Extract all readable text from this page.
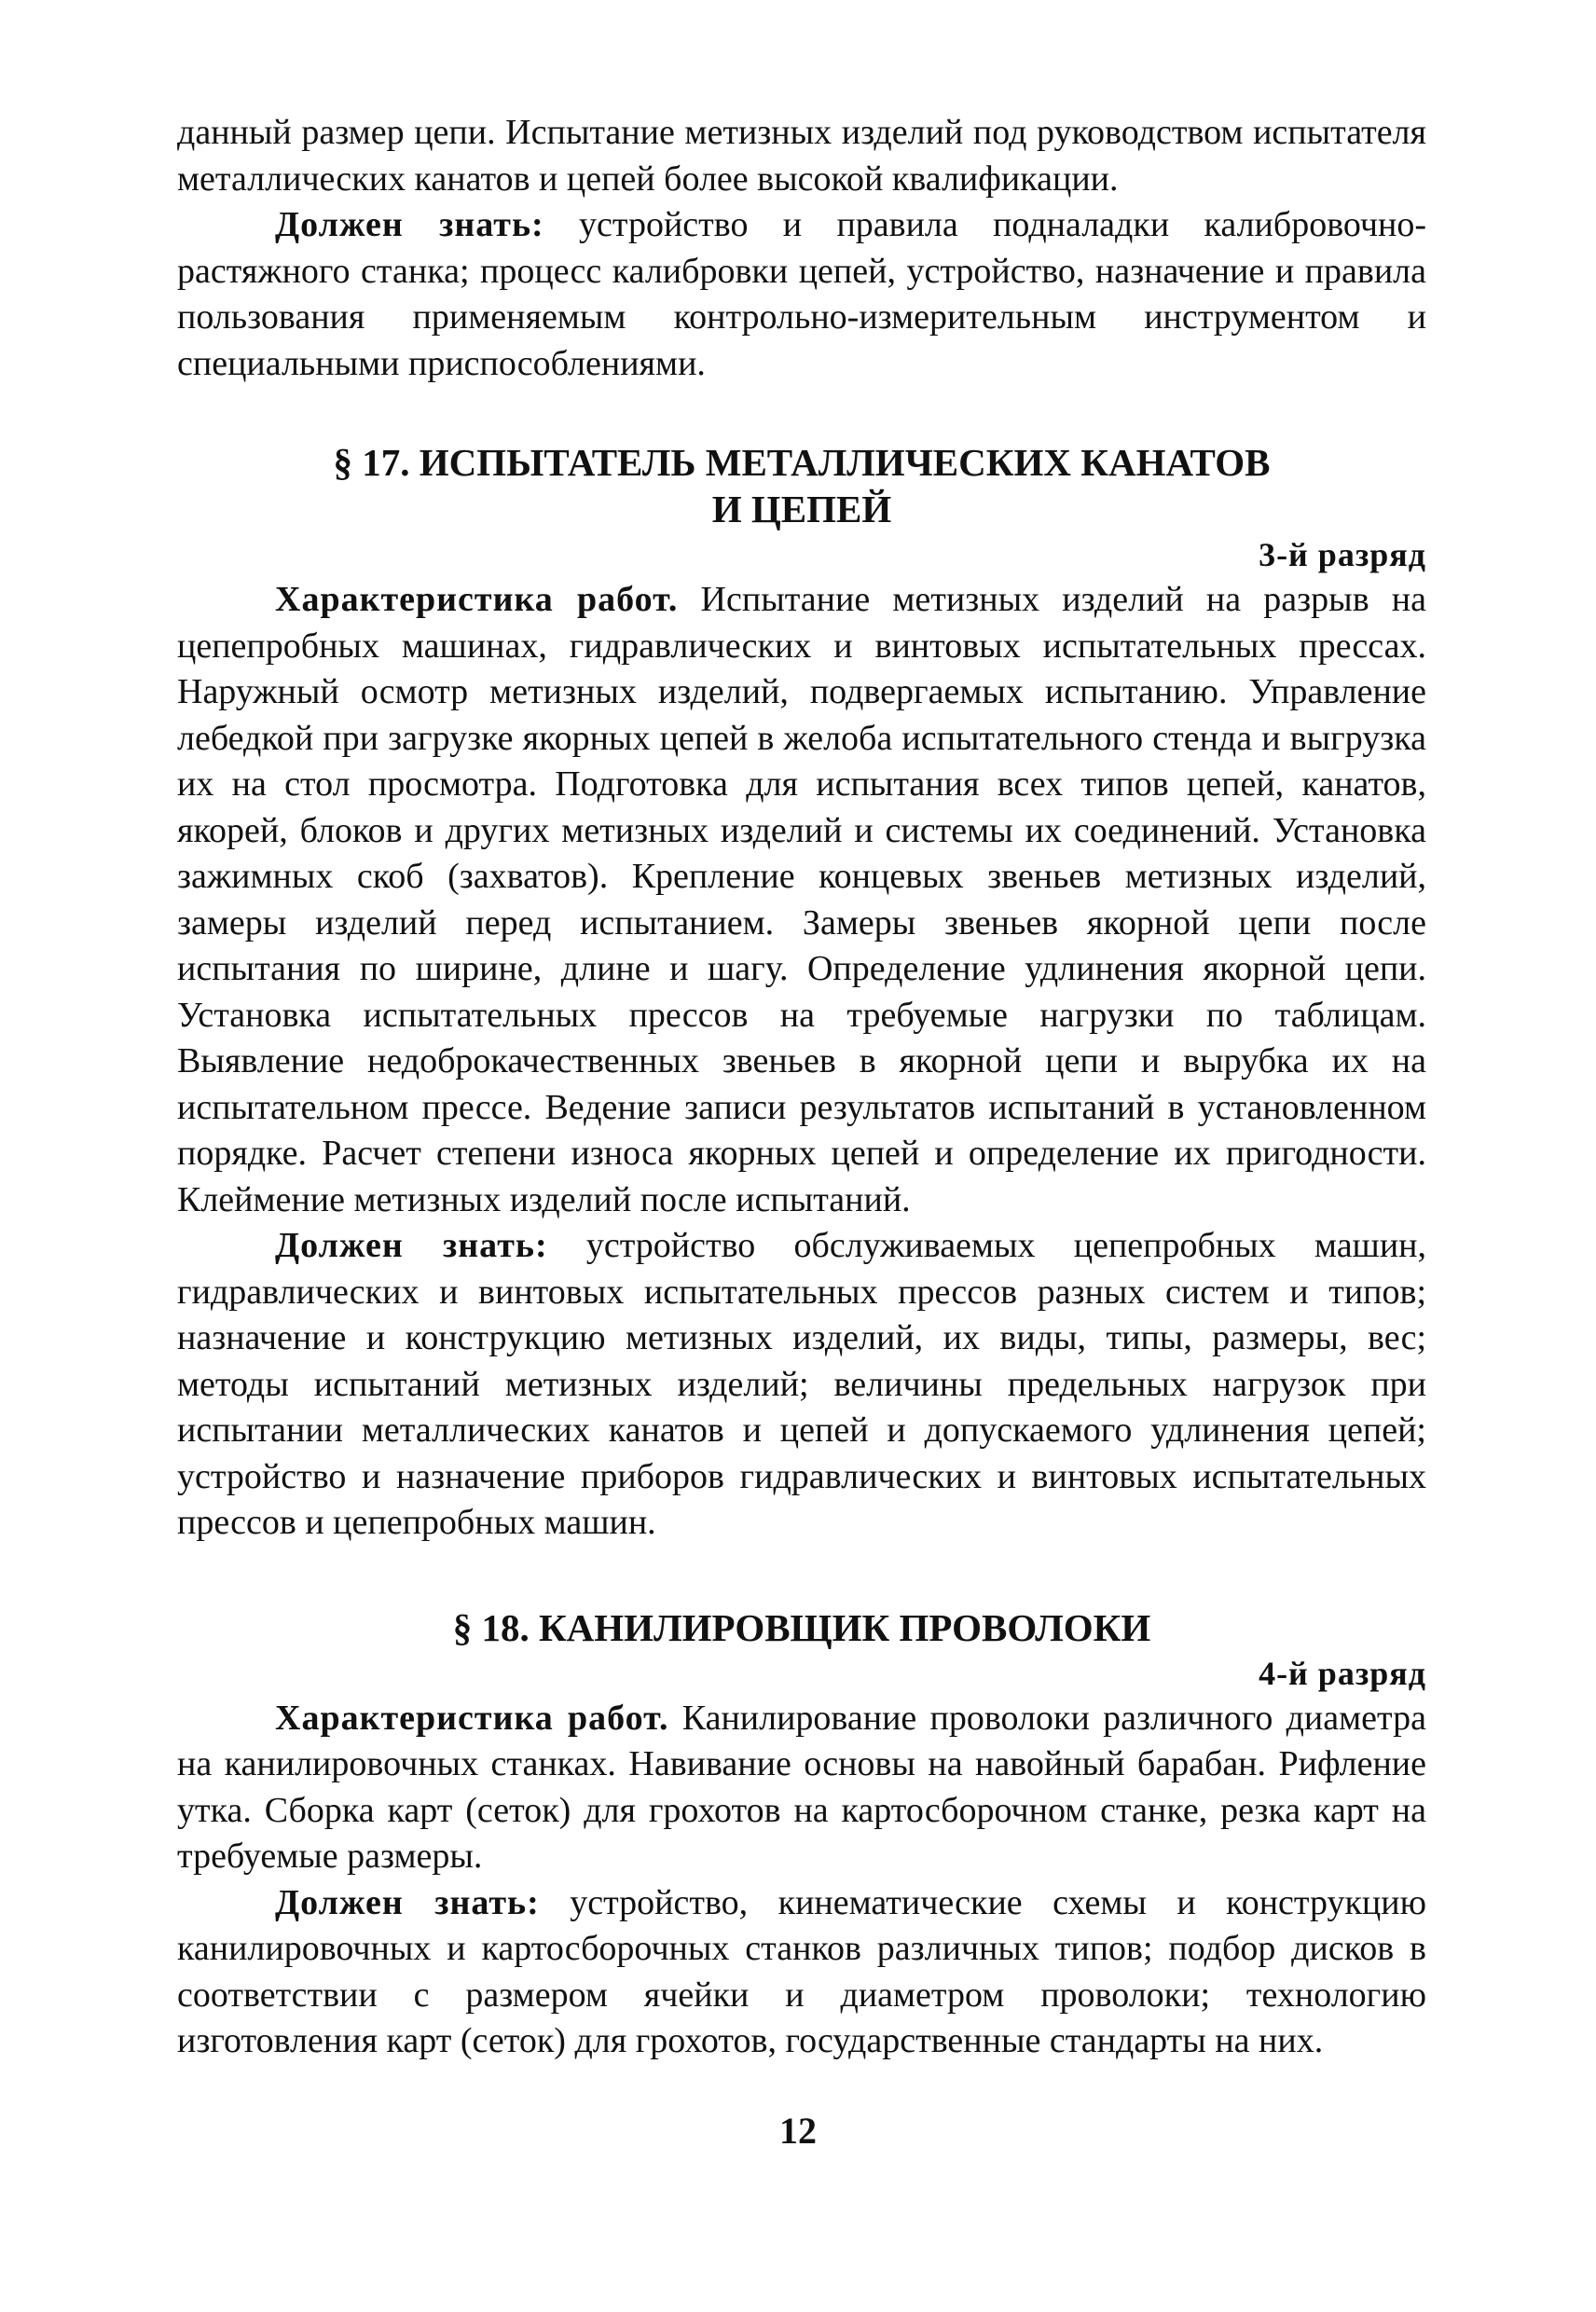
данный размер цепи. Испытание метизных изделий под руководством испытателя металлических канатов и цепей более высокой квалификации.

Должен знать: устройство и правила подналадки калибровочно-растяжного станка; процесс калибровки цепей, устройство, назначение и правила пользования применяемым контрольно-измерительным инструментом и специальными приспособлениями.

§ 17. ИСПЫТАТЕЛЬ МЕТАЛЛИЧЕСКИХ КАНАТОВ
И ЦЕПЕЙ
3-й разряд

Характеристика работ. Испытание метизных изделий на разрыв на цепепробных машинах, гидравлических и винтовых испытательных прессах. Наружный осмотр метизных изделий, подвергаемых испытанию. Управление лебедкой при загрузке якорных цепей в желоба испытательного стенда и выгрузка их на стол просмотра. Подготовка для испытания всех типов цепей, канатов, якорей, блоков и других метизных изделий и системы их соединений. Установка зажимных скоб (захватов). Крепление концевых звеньев метизных изделий, замеры изделий перед испытанием. Замеры звеньев якорной цепи после испытания по ширине, длине и шагу. Определение удлинения якорной цепи. Установка испытательных прессов на требуемые нагрузки по таблицам. Выявление недоброкачественных звеньев в якорной цепи и вырубка их на испытательном прессе. Ведение записи результатов испытаний в установленном порядке. Расчет степени износа якорных цепей и определение их пригодности. Клеймение метизных изделий после испытаний.

Должен знать: устройство обслуживаемых цепепробных машин, гидравлических и винтовых испытательных прессов разных систем и типов; назначение и конструкцию метизных изделий, их виды, типы, размеры, вес; методы испытаний метизных изделий; величины предельных нагрузок при испытании металлических канатов и цепей и допускаемого удлинения цепей; устройство и назначение приборов гидравлических и винтовых испытательных прессов и цепепробных машин.

§ 18. КАНИЛИРОВЩИК ПРОВОЛОКИ
4-й разряд

Характеристика работ. Канилирование проволоки различного диаметра на канилировочных станках. Навивание основы на навойный барабан. Рифление утка. Сборка карт (сеток) для грохотов на картосборочном станке, резка карт на требуемые размеры.

Должен знать: устройство, кинематические схемы и конструкцию канилировочных и картосборочных станков различных типов; подбор дисков в соответствии с размером ячейки и диаметром проволоки; технологию изготовления карт (сеток) для грохотов, государственные стандарты на них.

12
